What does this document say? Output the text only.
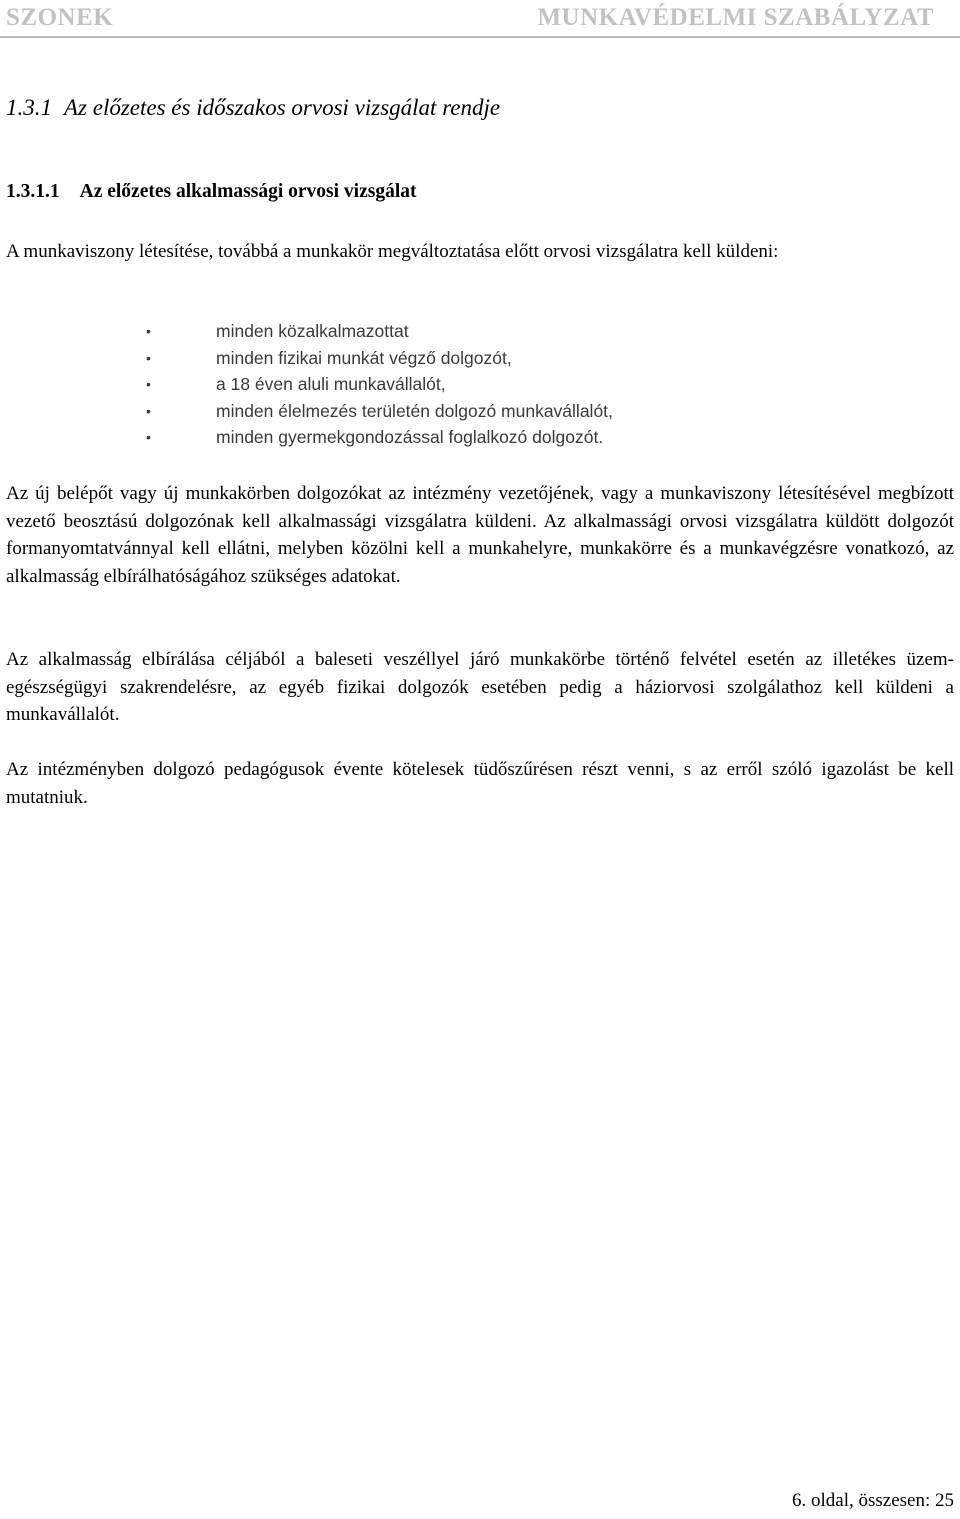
SZONEK	MUNKAVÉDELMI SZABÁLYZAT
1.3.1 Az előzetes és időszakos orvosi vizsgálat rendje
1.3.1.1 Az előzetes alkalmassági orvosi vizsgálat
A munkaviszony létesítése, továbbá a munkakör megváltoztatása előtt orvosi vizsgálatra kell küldeni:
•	minden közalkalmazottat
•	minden fizikai munkát végző dolgozót,
•	a 18 éven aluli munkavállalót,
•	minden élelmezés területén dolgozó munkavállalót,
•	minden gyermekgondozással foglalkozó dolgozót.
Az új belépőt vagy új munkakörben dolgozókat az intézmény vezetőjének, vagy a munkaviszony létesítésével megbízott vezető beosztású dolgozónak kell alkalmassági vizsgálatra küldeni. Az alkalmassági orvosi vizsgálatra küldött dolgozót formanyomtatvánnyal kell ellátni, melyben közölni kell a munkahelyre, munkakörre és a munkavégzésre vonatkozó, az alkalmasság elbírálhatóságához szükséges adatokat.
Az alkalmasság elbírálása céljából a baleseti veszéllyel járó munkakörbe történő felvétel esetén az illetékes üzem-egészségügyi szakrendelésre, az egyéb fizikai dolgozók esetében pedig a háziorvosi szolgálathoz kell küldeni a munkavállalót.
Az intézményben dolgozó pedagógusok évente kötelesek tüdőszűrésen részt venni, s az erről szóló igazolást be kell mutatniuk.
6. oldal, összesen: 25
